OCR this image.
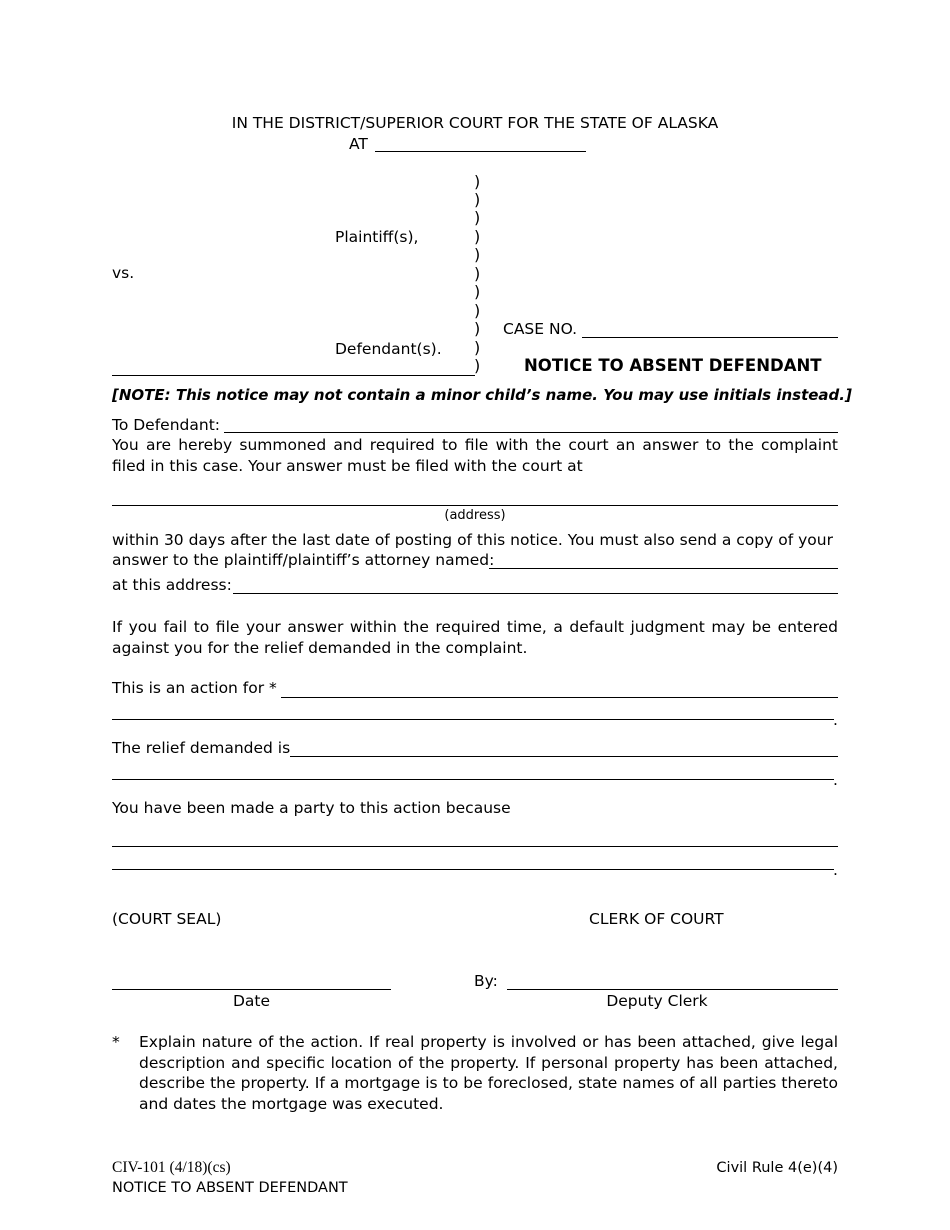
IN THE DISTRICT/SUPERIOR COURT FOR THE STATE OF ALASKA
AT
)
)
)
)
)
)
)
)
)
)
)
Plaintiff(s),
vs.
Defendant(s).
CASE NO.
NOTICE TO ABSENT DEFENDANT
[NOTE: This notice may not contain a minor child’s name. You may use initials instead.]
To Defendant:
You are hereby summoned and required to file with the court an answer to the complaint filed in this case. Your answer must be filed with the court at
(address)
within 30 days after the last date of posting of this notice. You must also send a copy of your
answer to the plaintiff/plaintiff’s attorney named:
at this address:
If you fail to file your answer within the required time, a default judgment may be entered against you for the relief demanded in the complaint.
This is an action for *
.
The relief demanded is
.
You have been made a party to this action because
.
(COURT SEAL)	CLERK OF COURT
Date
By:
Deputy Clerk
* Explain nature of the action. If real property is involved or has been attached, give legal description and specific location of the property. If personal property has been attached, describe the property. If a mortgage is to be foreclosed, state names of all parties thereto and dates the mortgage was executed.
CIV-101 (4/18)(cs)
NOTICE TO ABSENT DEFENDANT
Civil Rule 4(e)(4)
